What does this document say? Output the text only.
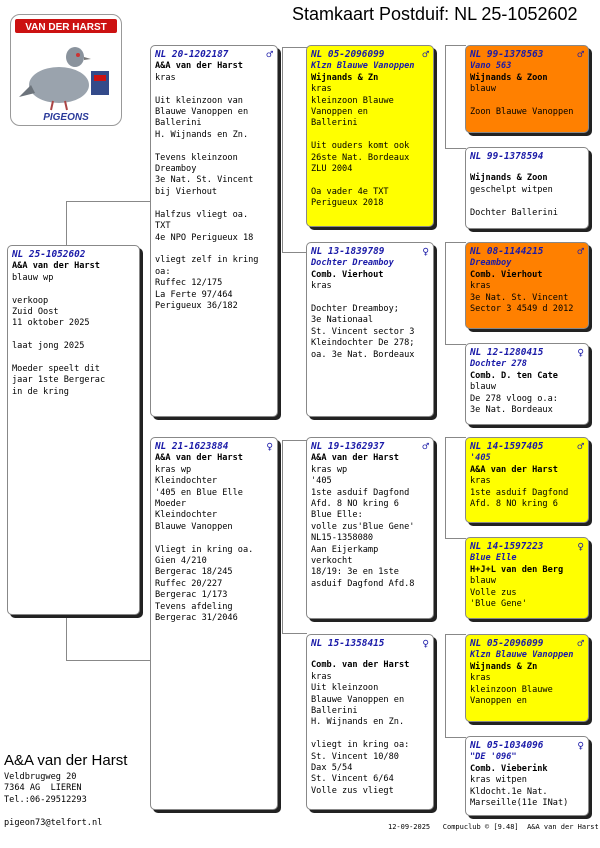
Stamkaart Postduif: NL 25-1052602
VAN DER HARST
PIGEONS
NL 25-1052602
A&A van der Harst
blauw wp

verkoop
Zuid Oost
11 oktober 2025

laat jong 2025

Moeder speelt dit
jaar 1ste Bergerac
in de kring
NL 20-1202187	♂
A&A van der Harst
kras

Uit kleinzoon van
Blauwe Vanoppen en
Ballerini
H. Wijnands en Zn.

Tevens kleinzoon
Dreamboy
3e Nat. St. Vincent
bij Vierhout

Halfzus vliegt oa.
TXT
4e NPO Perigueux 18

vliegt zelf in kring
oa:
Ruffec 12/175
La Ferte 97/464
Perigueux 36/182
NL 21-1623884	♀
A&A van der Harst
kras wp
Kleindochter
'405 en Blue Elle
Moeder
Kleindochter
Blauwe Vanoppen

Vliegt in kring oa.
Gien 4/210
Bergerac 18/245
Ruffec 20/227
Bergerac 1/173
Tevens afdeling
Bergerac 31/2046
NL 05-2096099	♂
Klzn Blauwe Vanoppen
Wijnands & Zn
kras
kleinzoon Blauwe
Vanoppen en
Ballerini

Uit ouders komt ook
26ste Nat. Bordeaux
ZLU 2004

Oa vader 4e TXT
Perigueux 2018
NL 13-1839789	♀
Dochter Dreamboy
Comb. Vierhout
kras

Dochter Dreamboy;
3e Nationaal
St. Vincent sector 3
Kleindochter De 278;
oa. 3e Nat. Bordeaux
NL 19-1362937	♂
A&A van der Harst
kras wp
'405
1ste asduif Dagfond
Afd. 8 NO kring 6
Blue Elle:
volle zus'Blue Gene'
NL15-1358080
Aan Eijerkamp
verkocht
18/19: 3e en 1ste
asduif Dagfond Afd.8
NL 15-1358415	♀
Comb. van der Harst
kras
Uit kleinzoon
Blauwe Vanoppen en
Ballerini
H. Wijnands en Zn.

vliegt in kring oa:
St. Vincent 10/80
Dax 5/54
St. Vincent 6/64
Volle zus vliegt
NL 99-1378563	♂
Vano 563
Wijnands & Zoon
blauw

Zoon Blauwe Vanoppen
NL 99-1378594
Wijnands & Zoon
geschelpt witpen

Dochter Ballerini
NL 08-1144215	♂
Dreamboy
Comb. Vierhout
kras
3e Nat. St. Vincent
Sector 3 4549 d 2012
NL 12-1280415	♀
Dochter 278
Comb. D. ten Cate
blauw
De 278 vloog o.a:
3e Nat. Bordeaux
NL 14-1597405	♂
'405
A&A van der Harst
kras
1ste asduif Dagfond
Afd. 8 NO kring 6
NL 14-1597223	♀
Blue Elle
H+J+L van den Berg
blauw
Volle zus
'Blue Gene'
NL 05-2096099	♂
Klzn Blauwe Vanoppen
Wijnands & Zn
kras
kleinzoon Blauwe
Vanoppen en
NL 05-1034096	♀
"DE '096"
Comb. Vieberink
kras witpen
Kldocht.1e Nat.
Marseille(11e INat)
A&A van der Harst
Veldbrugweg 20
7364 AG  LIEREN
Tel.:06-29512293
pigeon73@telfort.nl	12-09-2025   Compuclub © [9.48]  A&A van der Harst
